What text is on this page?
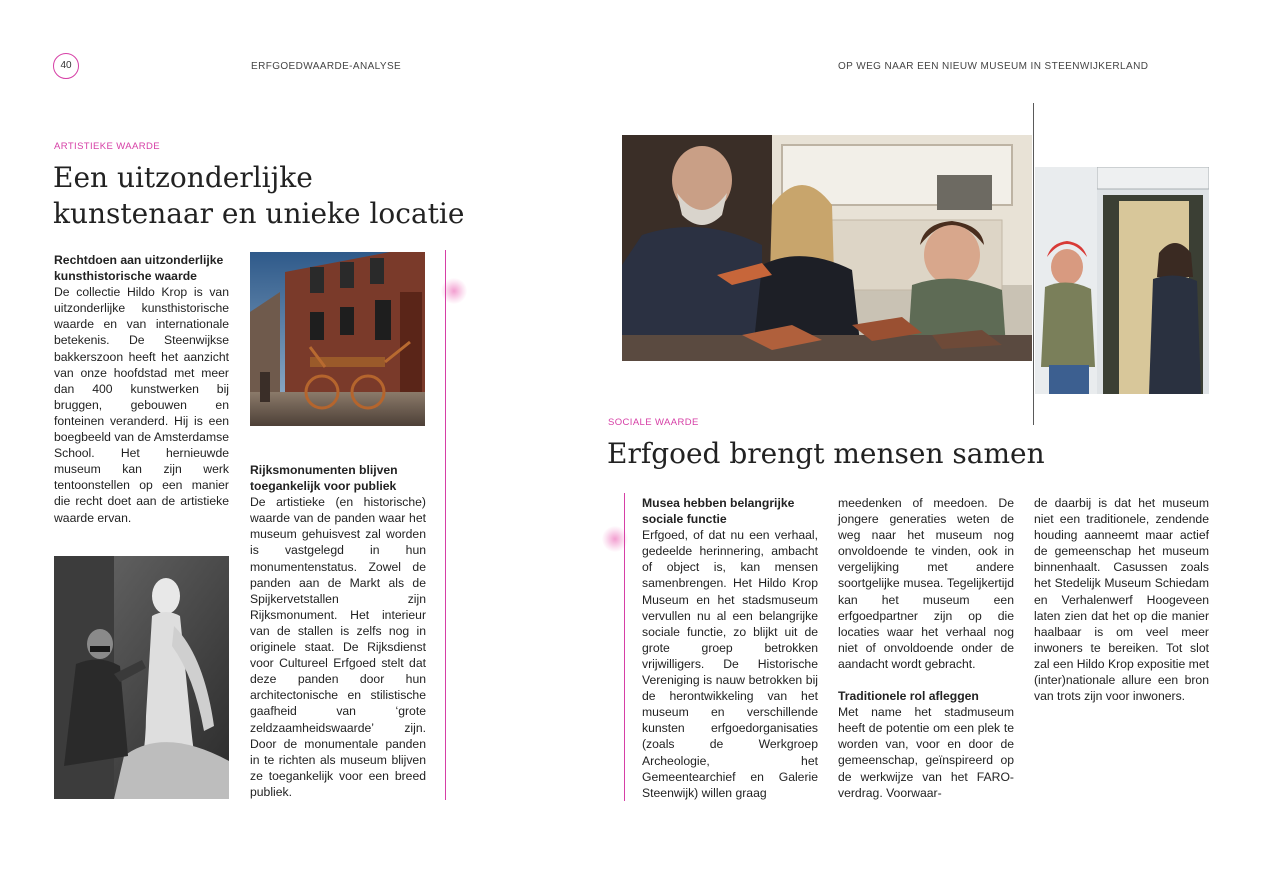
40	ERFGOEDWAARDE-ANALYSE	OP WEG NAAR EEN NIEUW MUSEUM IN STEENWIJKERLAND
ARTISTIEKE WAARDE
Een uitzonderlijke
kunstenaar en unieke locatie

Rechtdoen aan uitzonderlijke kunsthistorische waarde

De collectie Hildo Krop is van uitzonderlijke kunsthistorische waarde en van internationale betekenis. De Steenwijkse bakkerszoon heeft het aanzicht van onze hoofdstad met meer dan 400 kunstwerken bij bruggen, gebouwen en fonteinen veranderd. Hij is een boegbeeld van de Amsterdamse School. Het hernieuwde museum kan zijn werk tentoonstellen op een manier die recht doet aan de artistieke waarde ervan.

Rijksmonumenten blijven toegankelijk voor publiek

De artistieke (en historische) waarde van de panden waar het museum gehuisvest zal worden is vastgelegd in hun monumentenstatus. Zowel de panden aan de Markt als de Spijkervetstallen zijn Rijksmonument. Het interieur van de stallen is zelfs nog in originele staat. De Rijksdienst voor Cultureel Erfgoed stelt dat deze panden door hun architectonische en stilistische gaafheid van ‘grote zeldzaamheidswaarde’ zijn. Door de monumentale panden in te richten als museum blijven ze toegankelijk voor een breed publiek.

SOCIALE WAARDE
Erfgoed brengt mensen samen

Musea hebben belangrijke sociale functie

Erfgoed, of dat nu een verhaal, gedeelde herinnering, ambacht of object is, kan mensen samenbrengen. Het Hildo Krop Museum en het stadsmuseum vervullen nu al een belangrijke sociale functie, zo blijkt uit de grote groep betrokken vrijwilligers. De Historische Vereniging is nauw betrokken bij de herontwikkeling van het museum en verschillende kunsten erfgoedorganisaties (zoals de Werkgroep Archeologie, het Gemeentearchief en Galerie Steenwijk) willen graag

meedenken of meedoen. De jongere generaties weten de weg naar het museum nog onvoldoende te vinden, ook in vergelijking met andere soortgelijke musea. Tegelijkertijd kan het museum een erfgoedpartner zijn op die locaties waar het verhaal nog niet of onvoldoende onder de aandacht wordt gebracht.

Traditionele rol afleggen

Met name het stadmuseum heeft de potentie om een plek te worden van, voor en door de gemeenschap, geïnspireerd op de werkwijze van het FARO-verdrag. Voorwaar-

de daarbij is dat het museum niet een traditionele, zendende houding aanneemt maar actief de gemeenschap het museum binnenhaalt. Casussen zoals het Stedelijk Museum Schiedam en Verhalenwerf Hoogeveen laten zien dat het op die manier haalbaar is om veel meer inwoners te bereiken. Tot slot zal een Hildo Krop expositie met (inter)nationale allure een bron van trots zijn voor inwoners.
